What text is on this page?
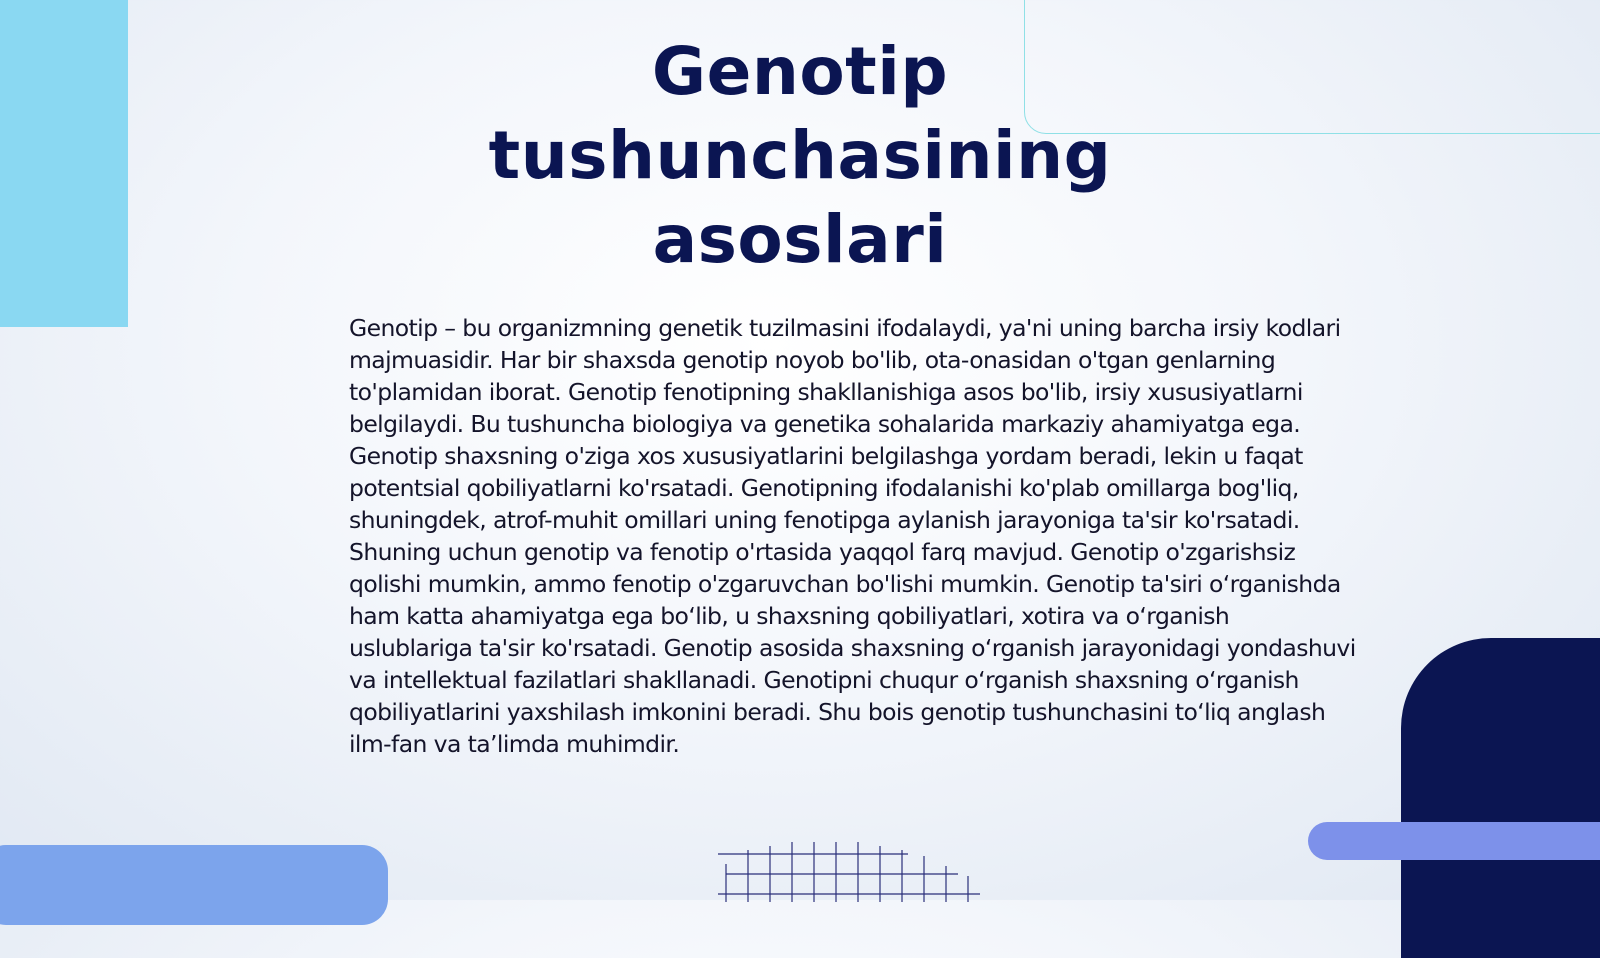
Genotip tushunchasining asoslari

Genotip – bu organizmning genetik tuzilmasini ifodalaydi, ya'ni uning barcha irsiy kodlari majmuasidir. Har bir shaxsda genotip noyob bo'lib, ota-onasidan o'tgan genlarning to'plamidan iborat. Genotip fenotipning shakllanishiga asos bo'lib, irsiy xususiyatlarni belgilaydi. Bu tushuncha biologiya va genetika sohalarida markaziy ahamiyatga ega. Genotip shaxsning o'ziga xos xususiyatlarini belgilashga yordam beradi, lekin u faqat potentsial qobiliyatlarni ko'rsatadi. Genotipning ifodalanishi ko'plab omillarga bog'liq, shuningdek, atrof-muhit omillari uning fenotipga aylanish jarayoniga ta'sir ko'rsatadi. Shuning uchun genotip va fenotip o'rtasida yaqqol farq mavjud. Genotip o'zgarishsiz qolishi mumkin, ammo fenotip o'zgaruvchan bo'lishi mumkin. Genotip ta'siri o‘rganishda ham katta ahamiyatga ega bo‘lib, u shaxsning qobiliyatlari, xotira va o‘rganish uslublariga ta'sir ko'rsatadi. Genotip asosida shaxsning o‘rganish jarayonidagi yondashuvi va intellektual fazilatlari shakllanadi. Genotipni chuqur o‘rganish shaxsning o‘rganish qobiliyatlarini yaxshilash imkonini beradi. Shu bois genotip tushunchasini to‘liq anglash ilm-fan va ta’limda muhimdir.
